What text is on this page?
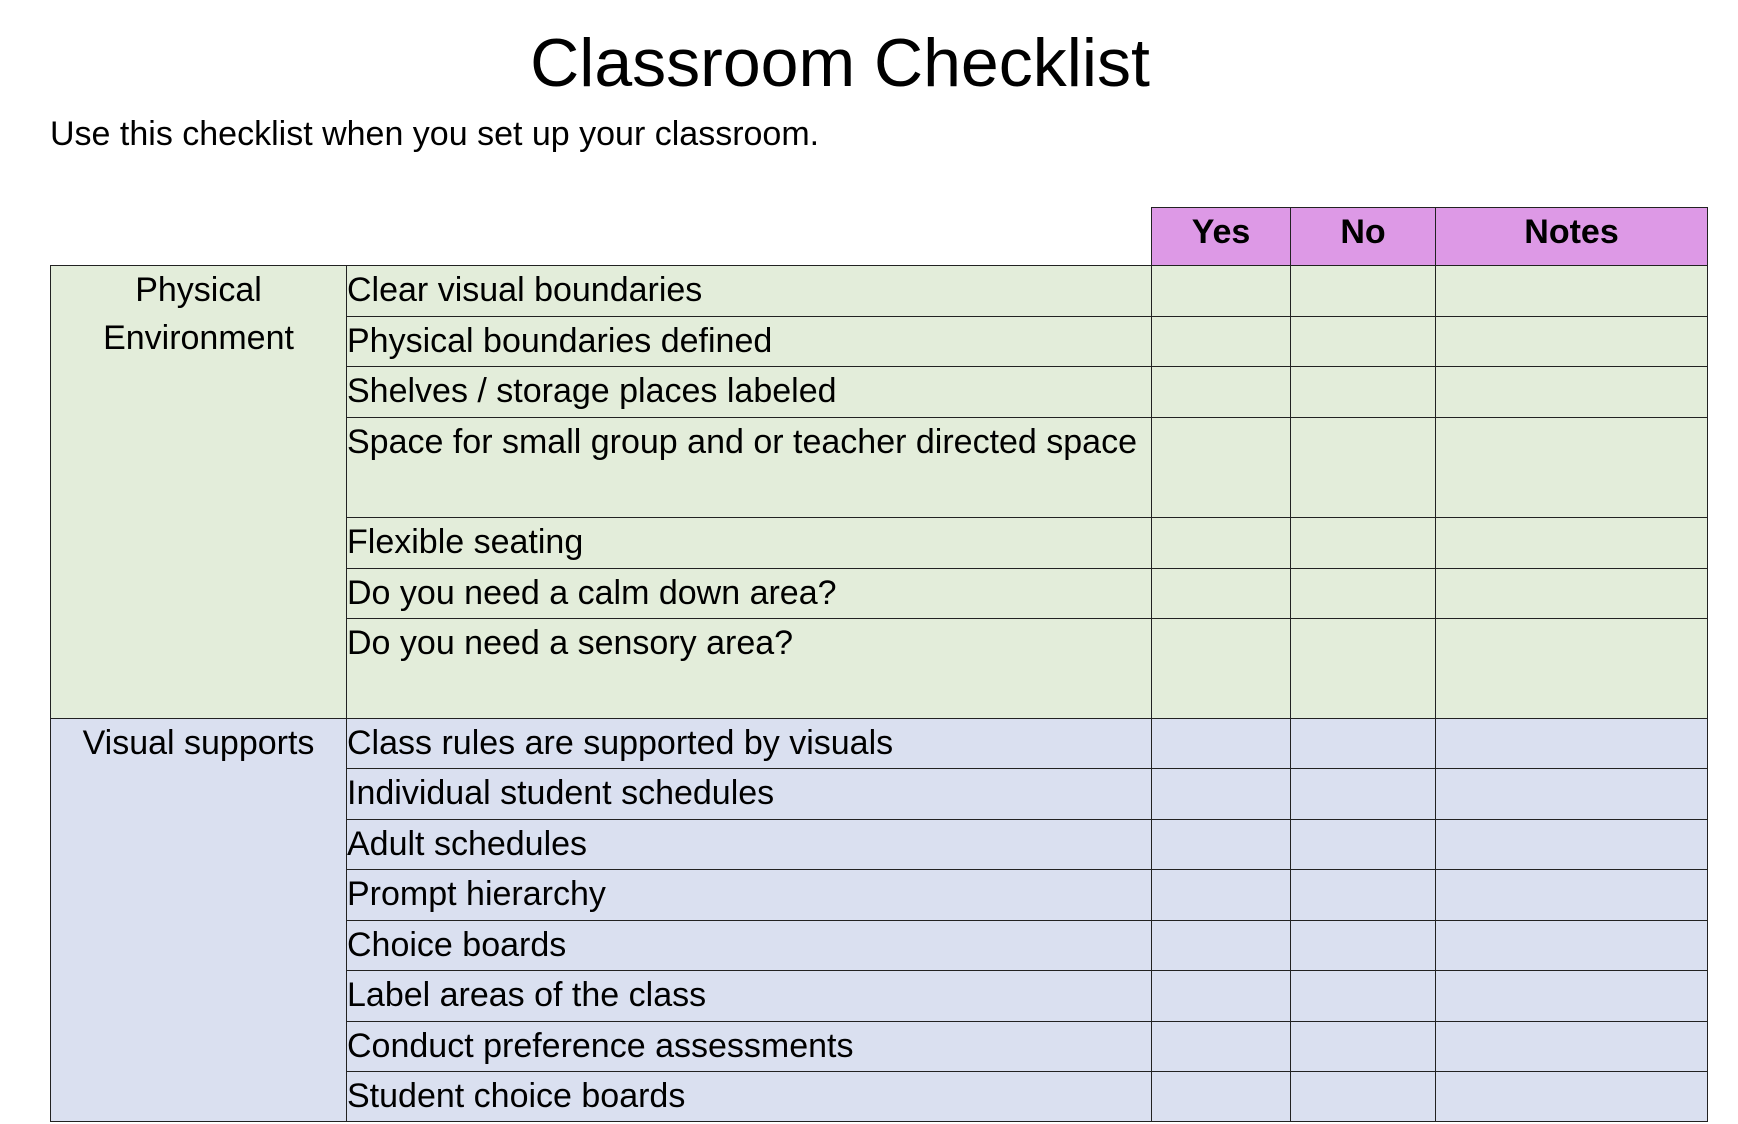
Classroom Checklist
Use this checklist when you set up your classroom.
		Yes	No	Notes
Physical Environment	Clear visual boundaries			
	Physical boundaries defined			
	Shelves / storage places labeled			
	Space for small group and or teacher directed space			
	Flexible seating			
	Do you need a calm down area?			
	Do you need a sensory area?			
Visual supports	Class rules are supported by visuals			
	Individual student schedules			
	Adult schedules			
	Prompt hierarchy			
	Choice boards			
	Label areas of the class			
	Conduct preference assessments			
	Student choice boards			
